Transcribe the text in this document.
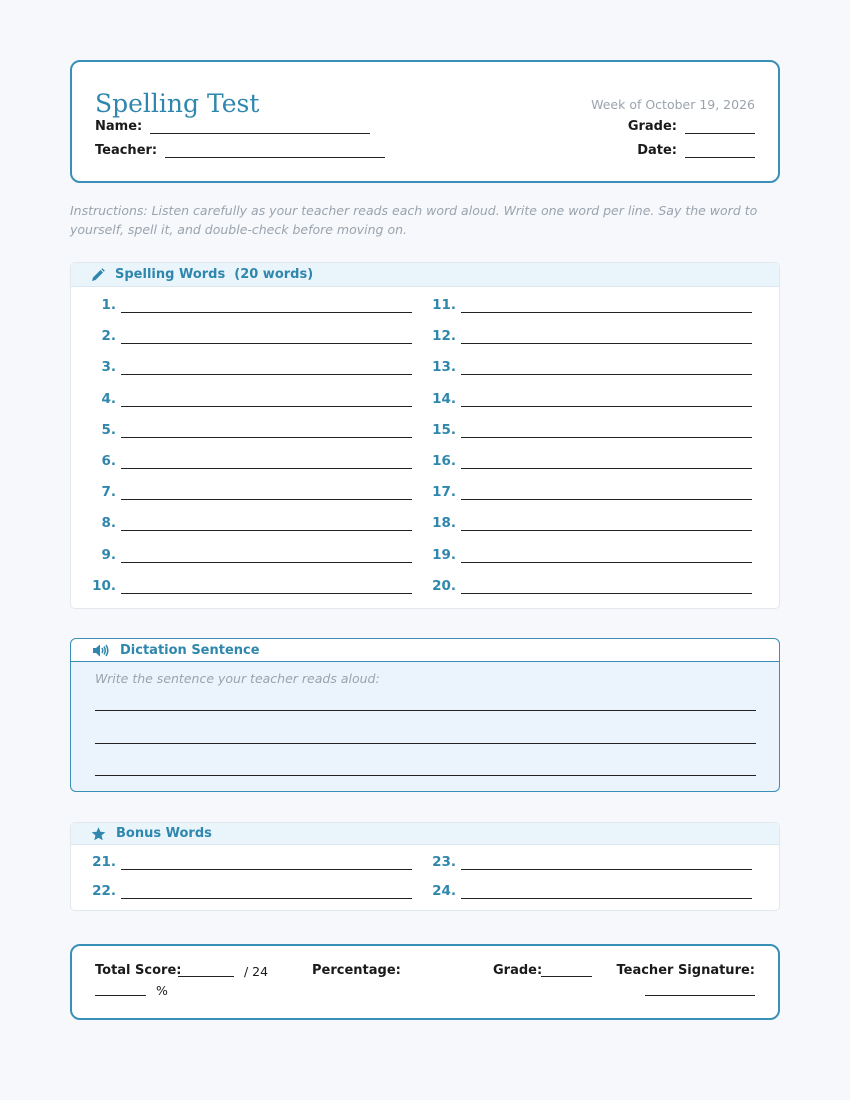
Spelling Test	Week of October 19, 2026
Name:
Teacher:
Grade:
Date:
Instructions: Listen carefully as your teacher reads each word aloud. Write one word per line. Say the word to yourself, spell it, and double-check before moving on.
Spelling Words  (20 words)
1.
2.
3.
4.
5.
6.
7.
8.
9.
10.
11.
12.
13.
14.
15.
16.
17.
18.
19.
20.
Dictation Sentence
Write the sentence your teacher reads aloud:
Bonus Words
21.
22.
23.
24.
Total Score:	/ 24	Percentage:
%
Grade:	Teacher Signature:
